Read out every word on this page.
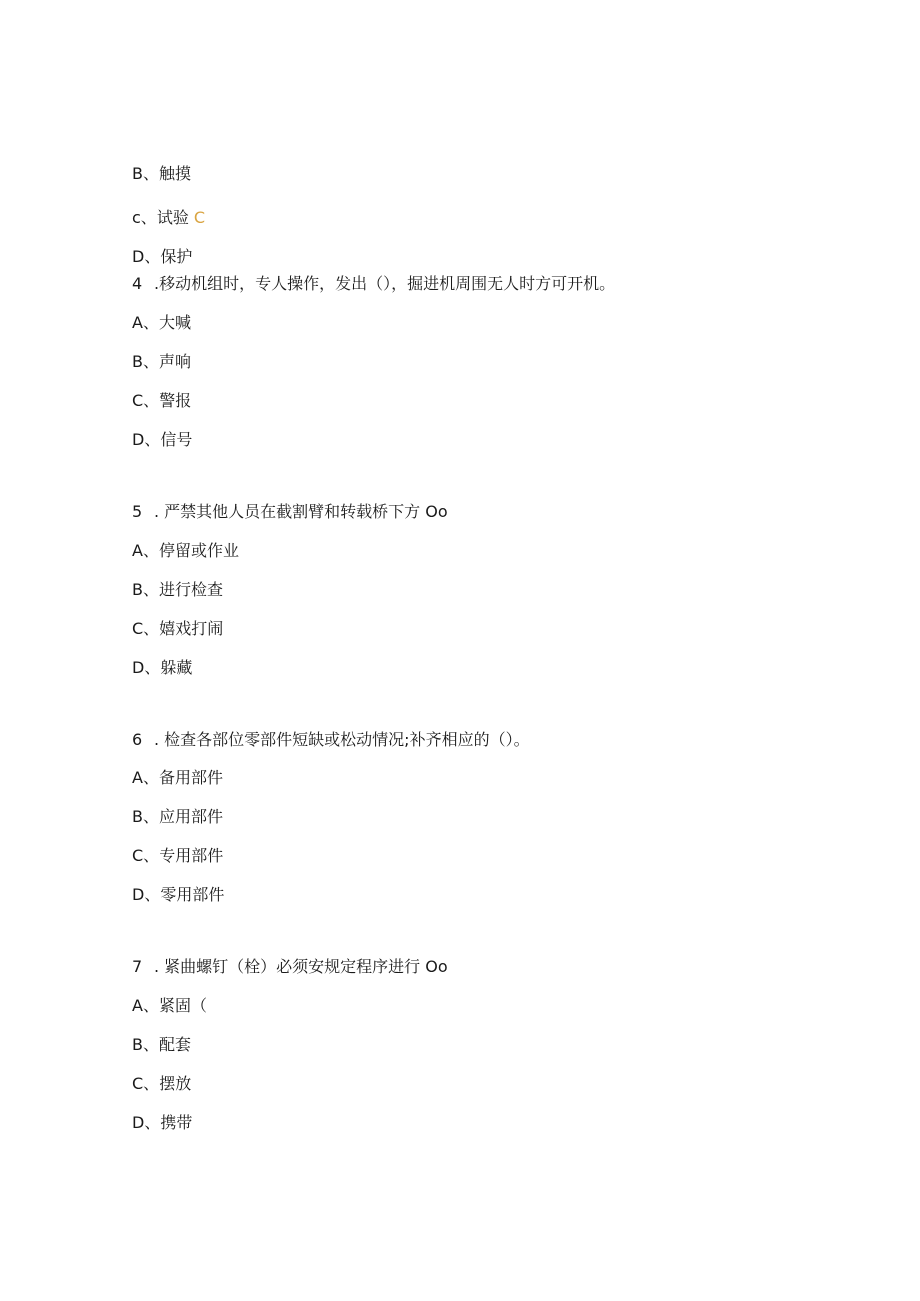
B、触摸
c、试验 C
D、保护
4 .移动机组时，专人操作，发出（），掘进机周围无人时方可开机。
A、大喊
B、声响
C、警报
D、信号
5 . 严禁其他人员在截割臂和转载桥下方 Oo
A、停留或作业
B、进行检查
C、嬉戏打闹
D、躲藏
6 . 检查各部位零部件短缺或松动情况;补齐相应的（）。
A、备用部件
B、应用部件
C、专用部件
D、零用部件
7 . 紧曲螺钉（栓）必须安规定程序进行 Oo
A、紧固（
B、配套
C、摆放
D、携带
